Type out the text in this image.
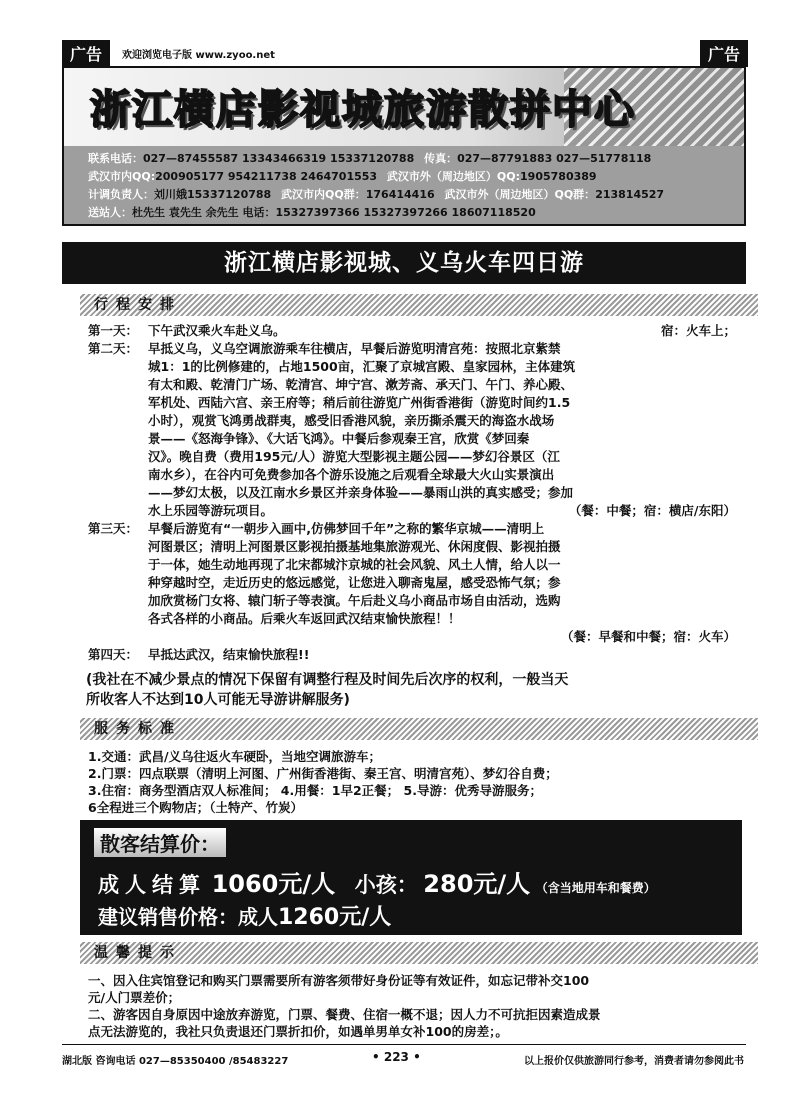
广告	欢迎浏览电子版 www.zyoo.net	广告
浙江横店影视城旅游散拼中心
联系电话：027—87455587 13343466319 15337120788 传真：027—87791883 027—51778118
武汉市内QQ:200905177 954211738 2464701553 武汉市外（周边地区）QQ:1905780389
计调负责人：刘川娥15337120788 武汉市内QQ群：176414416 武汉市外（周边地区）QQ群：213814527
送站人：杜先生 袁先生 余先生 电话：15327397366 15327397266 18607118520
浙江横店影视城、义乌火车四日游
行程安排
第一天： 下午武汉乘火车赴义乌。	宿：火车上；
第二天： 早抵义乌，义乌空调旅游乘车往横店，早餐后游览明清宫苑：按照北京紫禁
城1：1的比例修建的，占地1500亩，汇聚了京城宫殿、皇家园林，主体建筑
有太和殿、乾清门广场、乾清宫、坤宁宫、漱芳斋、承天门、午门、养心殿、
军机处、西陆六宫、亲王府等；稍后前往游览广州街香港街（游览时间约1.5
小时），观赏飞鸿勇战群夷，感受旧香港风貌，亲历撕杀震天的海盗水战场
景——《怒海争锋》、《大话飞鸿》。中餐后参观秦王宫，欣赏《梦回秦
汉》。晚自费（费用195元/人）游览大型影视主题公园——梦幻谷景区（江
南水乡），在谷内可免费参加各个游乐设施之后观看全球最大火山实景演出
——梦幻太极，以及江南水乡景区并亲身体验——暴雨山洪的真实感受；参加
水上乐园等游玩项目。	（餐：中餐；宿：横店/东阳）
第三天： 早餐后游览有“一朝步入画中,仿佛梦回千年”之称的繁华京城——清明上
河图景区；清明上河图景区影视拍摄基地集旅游观光、休闲度假、影视拍摄
于一体，她生动地再现了北宋都城汴京城的社会风貌、风土人情，给人以一
种穿越时空，走近历史的悠远感觉，让您进入聊斋鬼屋，感受恐怖气氛；参
加欣赏杨门女将、辕门斩子等表演。午后赴义乌小商品市场自由活动，选购
各式各样的小商品。后乘火车返回武汉结束愉快旅程！！
（餐：早餐和中餐；宿：火车）
第四天： 早抵达武汉，结束愉快旅程!!
(我社在不减少景点的情况下保留有调整行程及时间先后次序的权利，一般当天
所收客人不达到10人可能无导游讲解服务)
服务标准
1.交通：武昌/义乌往返火车硬卧，当地空调旅游车；
2.门票：四点联票（清明上河图、广州街香港街、秦王宫、明清宫苑）、梦幻谷自费；
3.住宿：商务型酒店双人标准间； 4.用餐：1早2正餐； 5.导游：优秀导游服务；
6全程进三个购物店；（土特产、竹炭）
散客结算价：
成人结算 1060元/人 小孩： 280元/人 （含当地用车和餐费）
建议销售价格：成人1260元/人
温馨提示
一、因入住宾馆登记和购买门票需要所有游客须带好身份证等有效证件，如忘记带补交100
元/人门票差价；
二、游客因自身原因中途放弃游览，门票、餐费、住宿一概不退；因人力不可抗拒因素造成景
点无法游览的，我社只负责退还门票折扣价，如遇单男单女补100的房差；。
湖北版 咨询电话 027—85350400 /85483227	• 223 •	以上报价仅供旅游同行参考，消费者请勿参阅此书
